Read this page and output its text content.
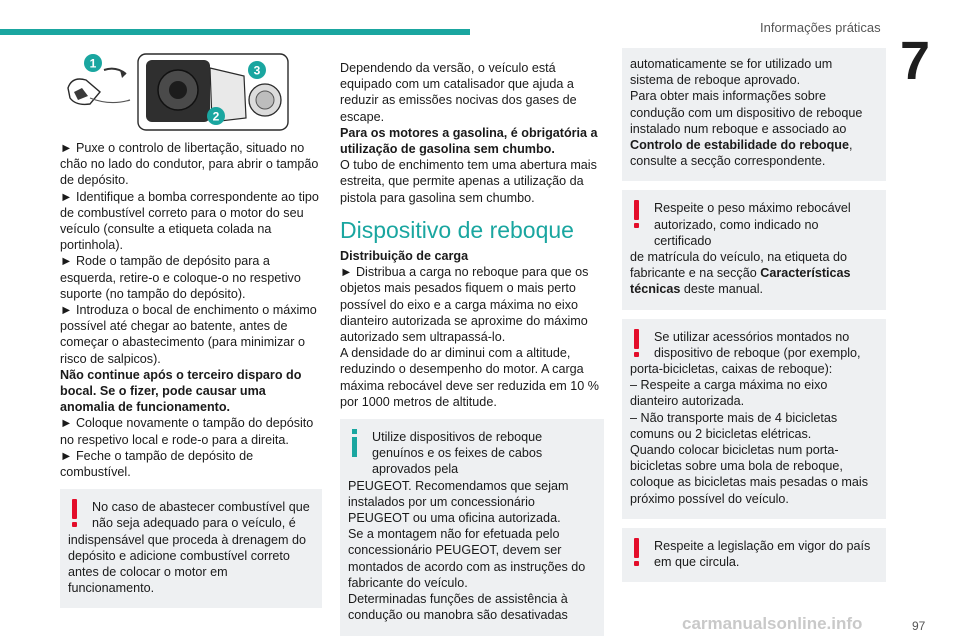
Informações práticas
7
1
2
3

► Puxe o controlo de libertação, situado no chão no lado do condutor, para abrir o tampão de depósito.

► Identifique a bomba correspondente ao tipo de combustível correto para o motor do seu veículo (consulte a etiqueta colada na portinhola).

► Rode o tampão de depósito para a esquerda, retire-o e coloque-o no respetivo suporte (no tampão do depósito).

► Introduza o bocal de enchimento o máximo possível até chegar ao batente, antes de começar o abastecimento (para minimizar o risco de salpicos).

Não continue após o terceiro disparo do bocal. Se o fizer, pode causar uma anomalia de funcionamento.

► Coloque novamente o tampão do depósito no respetivo local e rode-o para a direita.

► Feche o tampão de depósito de combustível.

No caso de abastecer combustível que não seja adequado para o veículo, é

indispensável que proceda à drenagem do depósito e adicione combustível correto antes de colocar o motor em funcionamento.

Dependendo da versão, o veículo está equipado com um catalisador que ajuda a reduzir as emissões nocivas dos gases de escape.

Para os motores a gasolina, é obrigatória a utilização de gasolina sem chumbo.

O tubo de enchimento tem uma abertura mais estreita, que permite apenas a utilização da pistola para gasolina sem chumbo.

Dispositivo de reboque

Distribuição de carga

► Distribua a carga no reboque para que os objetos mais pesados fiquem o mais perto possível do eixo e a carga máxima no eixo dianteiro autorizada se aproxime do máximo autorizado sem ultrapassá-lo.

A densidade do ar diminui com a altitude, reduzindo o desempenho do motor. A carga máxima rebocável deve ser reduzida em 10 % por 1000 metros de altitude.

Utilize dispositivos de reboque genuínos e os feixes de cabos aprovados pela

PEUGEOT. Recomendamos que sejam instalados por um concessionário PEUGEOT ou uma oficina autorizada.

Se a montagem não for efetuada pelo concessionário PEUGEOT, devem ser montados de acordo com as instruções do fabricante do veículo.

Determinadas funções de assistência à condução ou manobra são desativadas

automaticamente se for utilizado um sistema de reboque aprovado.

Para obter mais informações sobre condução com um dispositivo de reboque instalado num reboque e associado ao Controlo de estabilidade do reboque, consulte a secção correspondente.

Respeite o peso máximo rebocável autorizado, como indicado no certificado

de matrícula do veículo, na etiqueta do fabricante e na secção Características técnicas deste manual.

Se utilizar acessórios montados no dispositivo de reboque (por exemplo,

porta-bicicletas, caixas de reboque):

– Respeite a carga máxima no eixo dianteiro autorizada.

– Não transporte mais de 4 bicicletas comuns ou 2 bicicletas elétricas.

Quando colocar bicicletas num porta-bicicletas sobre uma bola de reboque, coloque as bicicletas mais pesadas o mais próximo possível do veículo.

Respeite a legislação em vigor do país em que circula.

carmanualsonline.info	97
